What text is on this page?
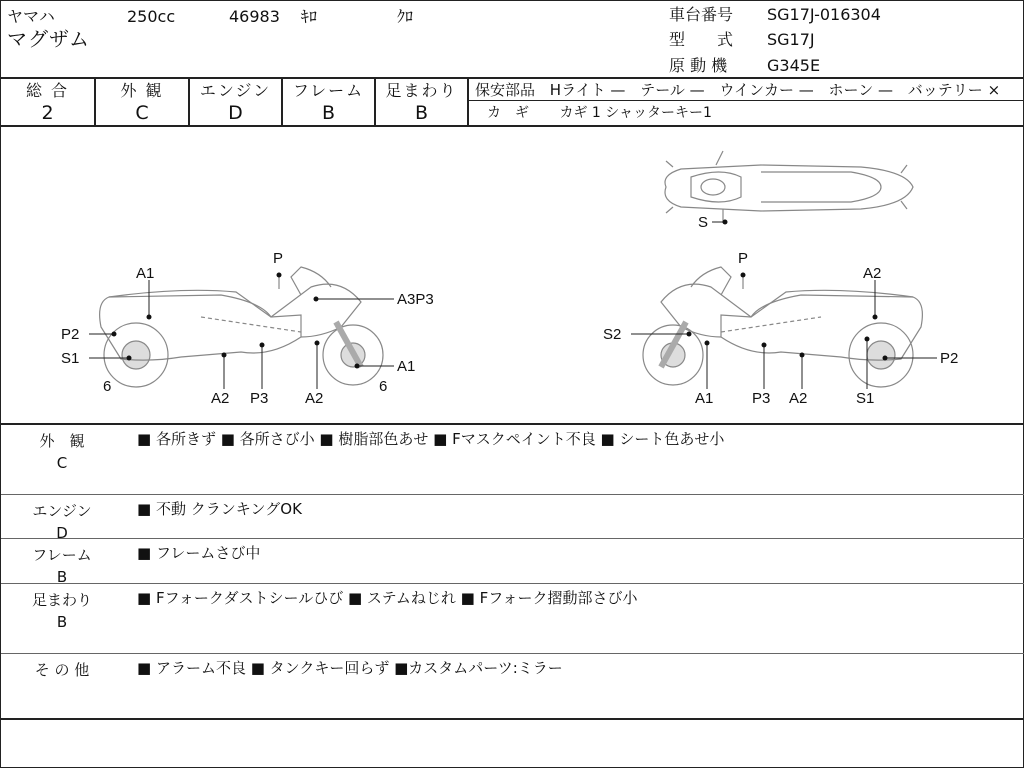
ヤマハ	250cc	46983 ｷﾛ	ｸﾛ
マグザム
車台番号 SG17J-016304
型　　式 SG17J
原 動 機 G345E
総 合
2
外 観
C
エンジン
D
フレーム
B
足まわり
B
保安部品 Hライト — テール — ウインカー — ホーン — バッテリー ×
カ　ギ カギ 1 シャッターキー1
P
A1
A3P3
P2
S1
6
A1
6
A2 P3 A2
P
A2
S2
P2
A1	P3 A2	S1
S
外　観
C
■ 各所きず ■ 各所さび小 ■ 樹脂部色あせ ■ Fマスクペイント不良 ■ シート色あせ小
エンジン
D
■ 不動 クランキングOK
フレーム
B
■ フレームさび中
足まわり
B
■ Fフォークダストシールひび ■ ステムねじれ ■ Fフォーク摺動部さび小
そ の 他	■ アラーム不良 ■ タンクキー回らず ■カスタムパーツ:ミラー
